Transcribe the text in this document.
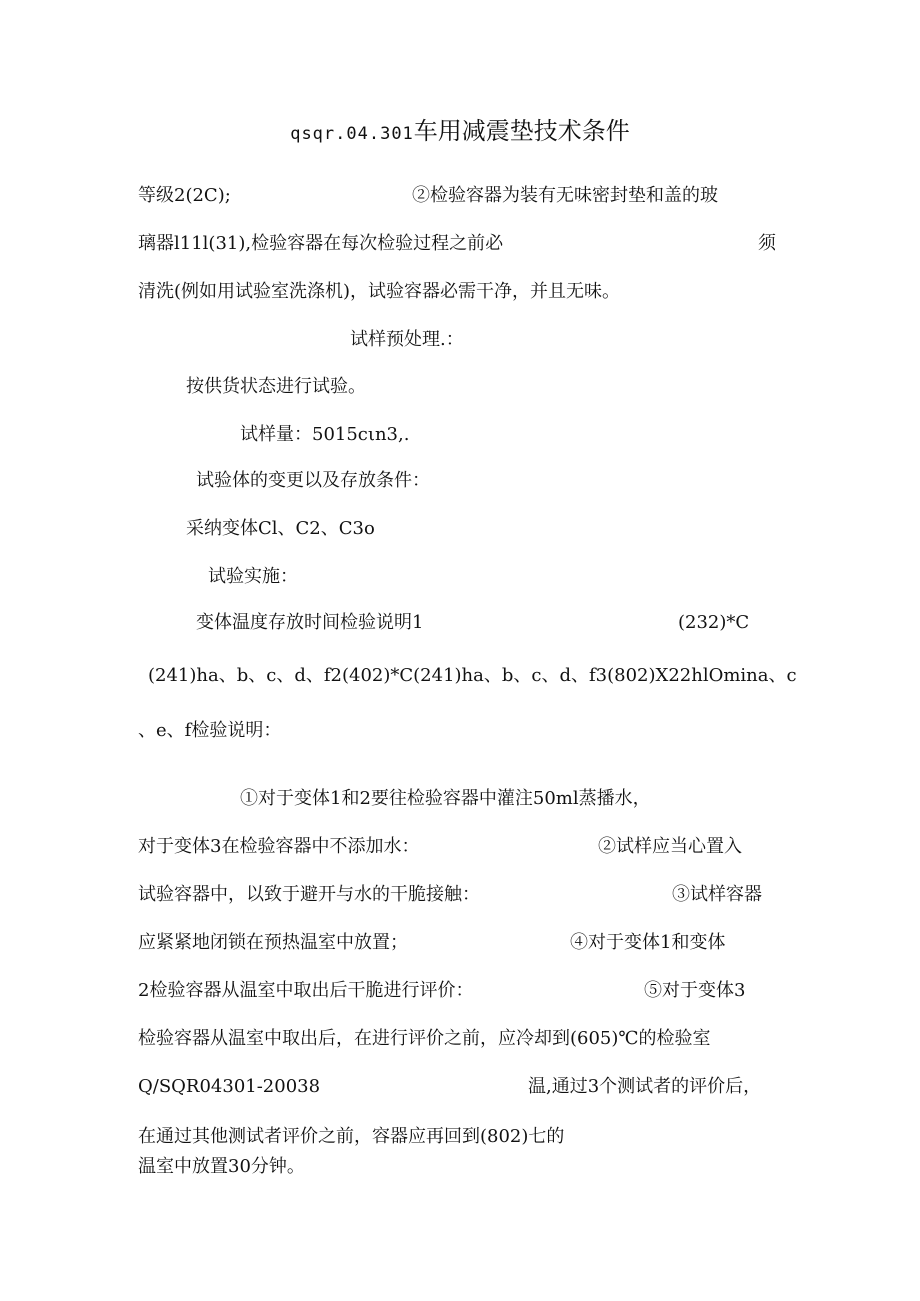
qsqr.04.301车用减震垫技术条件
等级2(2C);	②检验容器为装有无味密封垫和盖的玻
璃器l11l(31),检验容器在每次检验过程之前必	须
清洗(例如用试验室洗涤机)，试验容器必需干净，并且无味。
试样预处理.：
按供货状态进行试验。
试样量：5015cιn3,.
试验体的变更以及存放条件：
采纳变体Cl、C2、C3o
试验实施：
变体温度存放时间检验说明1	(232)*C
(241)ha、b、c、d、f2(402)*C(241)ha、b、c、d、f3(802)X22hlOmina、c
、e、f检验说明：
①对于变体1和2要往检验容器中灌注50ml蒸播水，
对于变体3在检验容器中不添加水：	②试样应当心置入
试验容器中，以致于避开与水的干脆接触：	③试样容器
应紧紧地闭锁在预热温室中放置；	④对于变体1和变体
2检验容器从温室中取出后干脆进行评价：	⑤对于变体3
检验容器从温室中取出后，在进行评价之前，应冷却到(605)℃的检验室
Q/SQR04301-20038	温,通过3个测试者的评价后，
在通过其他测试者评价之前，容器应再回到(802)七的
温室中放置30分钟。
